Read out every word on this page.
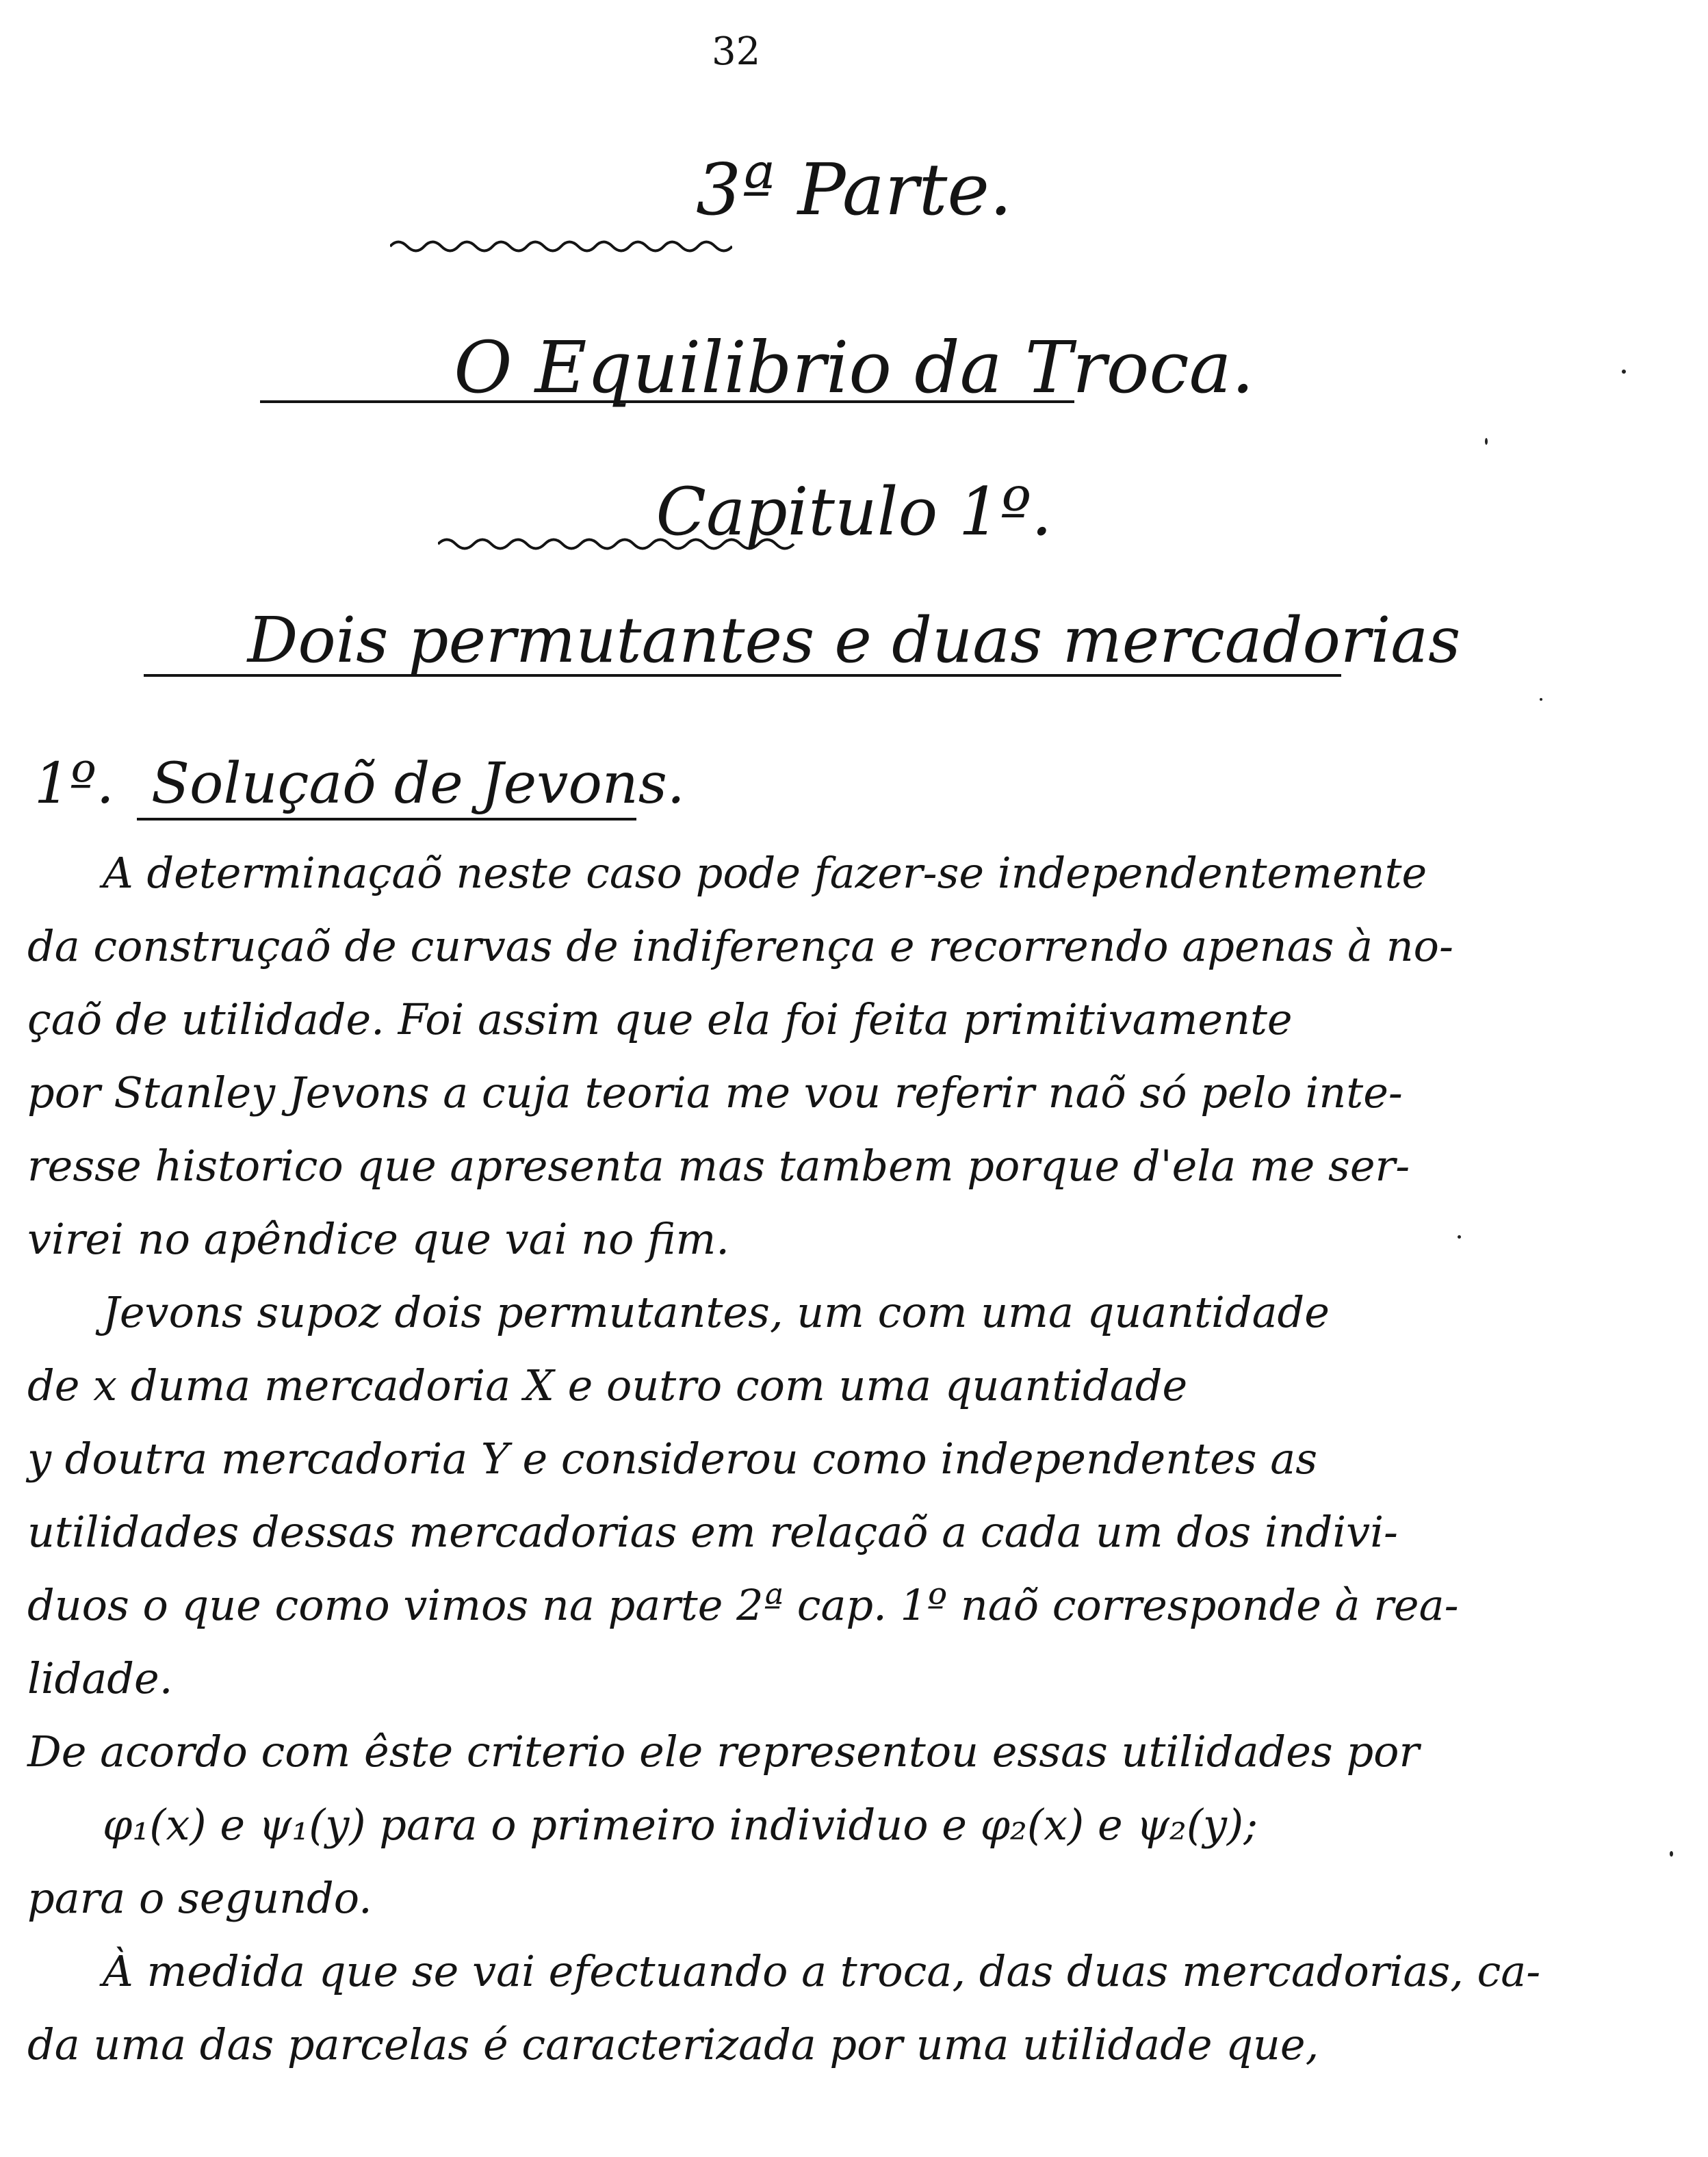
32
3ª Parte.
O Equilibrio da Troca.
Capitulo 1º.
Dois permutantes e duas mercadorias
1º. Soluçaõ de Jevons.
A determinaçaõ neste caso pode fazer-se independentemente
da construçaõ de curvas de indiferença e recorrendo apenas à no-
çaõ de utilidade. Foi assim que ela foi feita primitivamente
por Stanley Jevons a cuja teoria me vou referir naõ só pelo inte-
resse historico que apresenta mas tambem porque d'ela me ser-
virei no apêndice que vai no fim.
Jevons supoz dois permutantes, um com uma quantidade
de x duma mercadoria X e outro com uma quantidade
y doutra mercadoria Y e considerou como independentes as
utilidades dessas mercadorias em relaçaõ a cada um dos indivi-
duos o que como vimos na parte 2ª cap. 1º naõ corresponde à rea-
lidade.
De acordo com êste criterio ele representou essas utilidades por
φ₁(x) e ψ₁(y) para o primeiro individuo e φ₂(x) e ψ₂(y);
para o segundo.
À medida que se vai efectuando a troca, das duas mercadorias, ca-
da uma das parcelas é caracterizada por uma utilidade que,
